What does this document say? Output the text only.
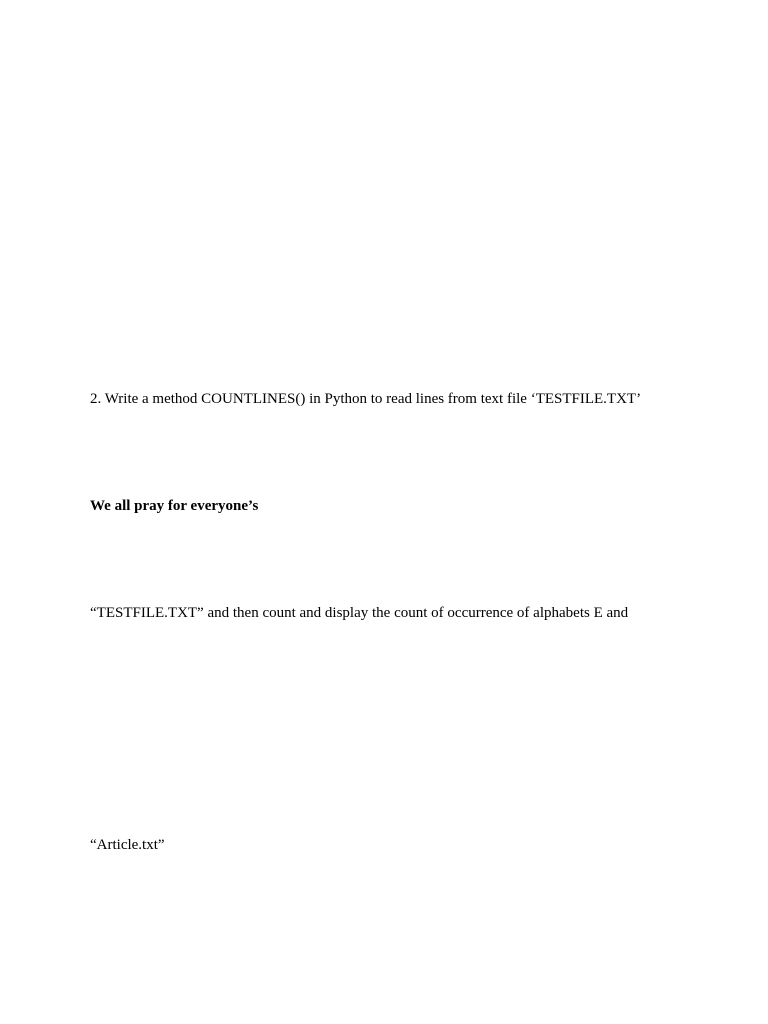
2. Write a method COUNTLINES() in Python to read lines from text file ‘TESTFILE.TXT’
We all pray for everyone’s
“TESTFILE.TXT” and then count and display the count of occurrence of alphabets E and
“Article.txt”
